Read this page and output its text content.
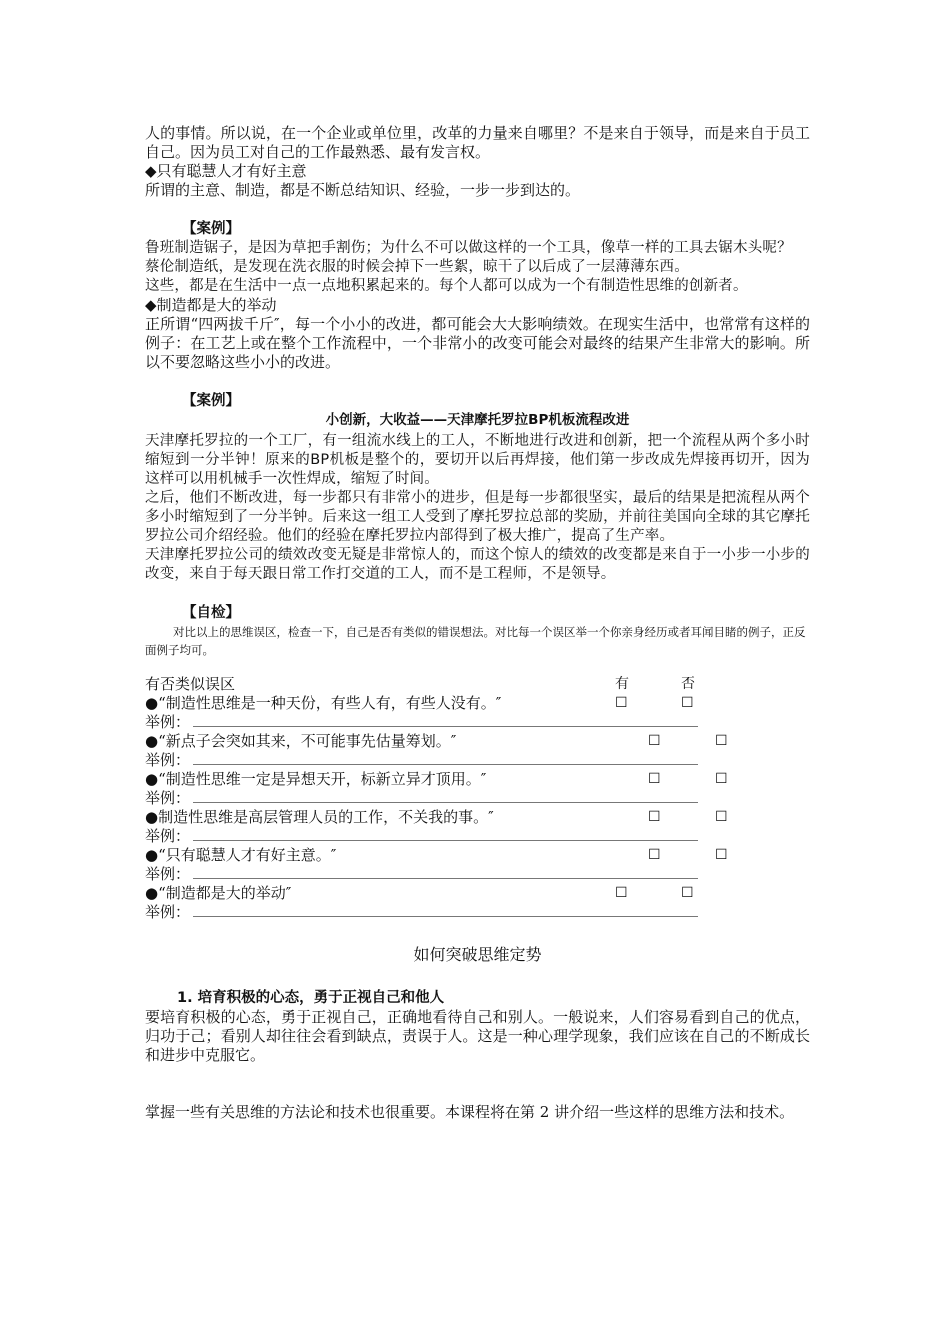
人的事情。所以说，在一个企业或单位里，改革的力量来自哪里？不是来自于领导，而是来自于员工自己。因为员工对自己的工作最熟悉、最有发言权。

◆只有聪慧人才有好主意

所谓的主意、制造，都是不断总结知识、经验，一步一步到达的。

【案例】

鲁班制造锯子，是因为草把手割伤；为什么不可以做这样的一个工具，像草一样的工具去锯木头呢？

蔡伦制造纸，是发现在洗衣服的时候会掉下一些絮，晾干了以后成了一层薄薄东西。

这些，都是在生活中一点一点地积累起来的。每个人都可以成为一个有制造性思维的创新者。

◆制造都是大的举动

正所谓“四两拔千斤″，每一个小小的改进，都可能会大大影响绩效。在现实生活中，也常常有这样的例子：在工艺上或在整个工作流程中，一个非常小的改变可能会对最终的结果产生非常大的影响。所以不要忽略这些小小的改进。

【案例】

小创新，大收益——天津摩托罗拉BP机板流程改进

天津摩托罗拉的一个工厂，有一组流水线上的工人，不断地进行改进和创新，把一个流程从两个多小时缩短到一分半钟！原来的BP机板是整个的，要切开以后再焊接，他们第一步改成先焊接再切开，因为这样可以用机械手一次性焊成，缩短了时间。

之后，他们不断改进，每一步都只有非常小的进步，但是每一步都很坚实，最后的结果是把流程从两个多小时缩短到了一分半钟。后来这一组工人受到了摩托罗拉总部的奖励，并前往美国向全球的其它摩托罗拉公司介绍经验。他们的经验在摩托罗拉内部得到了极大推广，提高了生产率。

天津摩托罗拉公司的绩效改变无疑是非常惊人的，而这个惊人的绩效的改变都是来自于一小步一小步的改变，来自于每天跟日常工作打交道的工人，而不是工程师，不是领导。

【自检】

对比以上的思维误区，检查一下，自己是否有类似的错误想法。对比每一个误区举一个你亲身经历或者耳闻目睹的例子，正反面例子均可。

有否类似误区	有	否
●“制造性思维是一种天份，有些人有，有些人没有。″	☐	☐
举例：
●“新点子会突如其来，不可能事先估量筹划。″	☐	☐
举例：
●“制造性思维一定是异想天开，标新立异才顶用。″	☐	☐
举例：
●制造性思维是高层管理人员的工作，不关我的事。″	☐	☐
举例：
●“只有聪慧人才有好主意。″	☐	☐
举例：
●“制造都是大的举动″	☐	☐
举例：

如何突破思维定势

1. 培育积极的心态，勇于正视自己和他人

要培育积极的心态，勇于正视自己，正确地看待自己和别人。一般说来，人们容易看到自己的优点，归功于己；看别人却往往会看到缺点，责误于人。这是一种心理学现象，我们应该在自己的不断成长和进步中克服它。

掌握一些有关思维的方法论和技术也很重要。本课程将在第 2 讲介绍一些这样的思维方法和技术。
